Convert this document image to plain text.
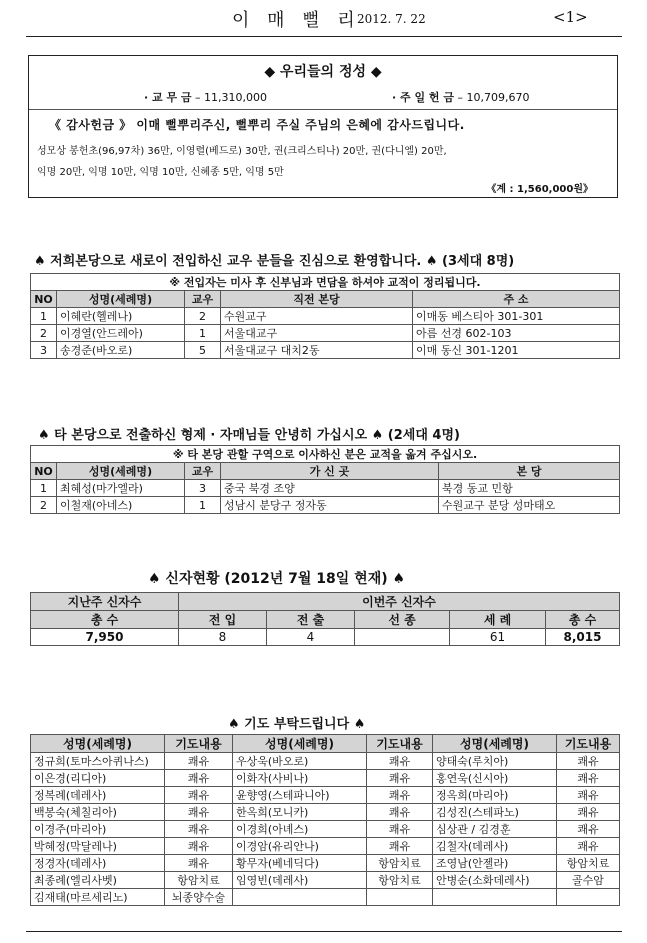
이 매 뻘 리
2012. 7. 22	<1>
◆ 우리들의 정성 ◆
· 교 무 금 – 11,310,000	· 주 일 헌 금 – 10,709,670
《 감사헌금 》 이매 뻘뿌리주신, 뻘뿌리 주실 주님의 은혜에 감사드립니다.
성모상 봉헌초(96,97차) 36만, 이영렬(베드로) 30만, 권(크리스티나) 20만, 권(다니엘) 20만,
익명 20만, 익명 10만, 익명 10만, 신혜종 5만, 익명 5만
《계 : 1,560,000원》
♠ 저희본당으로 새로이 전입하신 교우 분들을 진심으로 환영합니다. ♠ (3세대 8명)
※ 전입자는 미사 후 신부님과 면담을 하셔야 교적이 정리됩니다.				
NO	성명(세례명)	교우	직전 본당	주 소
1	이혜란(헬레나)	2	수원교구	이매동 베스티아 301-301
2	이경열(안드레아)	1	서울대교구	아름 선경 602-103
3	송경준(바오로)	5	서울대교구 대치2동	이매 동신 301-1201
♠ 타 본당으로 전출하신 형제 · 자매님들 안녕히 가십시오 ♠ (2세대 4명)
※ 타 본당 관할 구역으로 이사하신 분은 교적을 옮겨 주십시오.				
NO	성명(세례명)	교우	가 신 곳	본 당
1	최혜성(마가엘라)	3	중국 북경 조양	북경 동교 민항
2	이철재(아네스)	1	성남시 분당구 정자동	수원교구 분당 성마태오
♠ 신자현황 (2012년 7월 18일 현재) ♠
지난주 신자수	이번주 신자수				
총 수	전 입	전 출	선 종	세 례	총 수
7,950	8	4		61	8,015
♠ 기도 부탁드립니다 ♠
성명(세례명)	기도내용	성명(세례명)	기도내용	성명(세례명)	기도내용
정규희(토마스아퀴나스)	쾌유	우상욱(바오로)	쾌유	양태숙(루치아)	쾌유
이은경(리디아)	쾌유	이화자(사비나)	쾌유	홍연욱(신시아)	쾌유
정복례(데레사)	쾌유	윤향영(스테파니아)	쾌유	정옥희(마리아)	쾌유
백봉숙(체칠리아)	쾌유	한옥희(모니카)	쾌유	김성진(스테파노)	쾌유
이경주(마리아)	쾌유	이경희(아녜스)	쾌유	심상관 / 김경훈	쾌유
박혜정(막달레나)	쾌유	이경암(유리안나)	쾌유	김철자(데레사)	쾌유
정경자(데레사)	쾌유	황무자(베네딕다)	항암치료	조영남(안젤라)	항암치료
최종례(엘리사벳)	항암치료	임영빈(데레사)	항암치료	안병순(소화데레사)	골수암
김재태(마르세리노)	뇌종양수술				
